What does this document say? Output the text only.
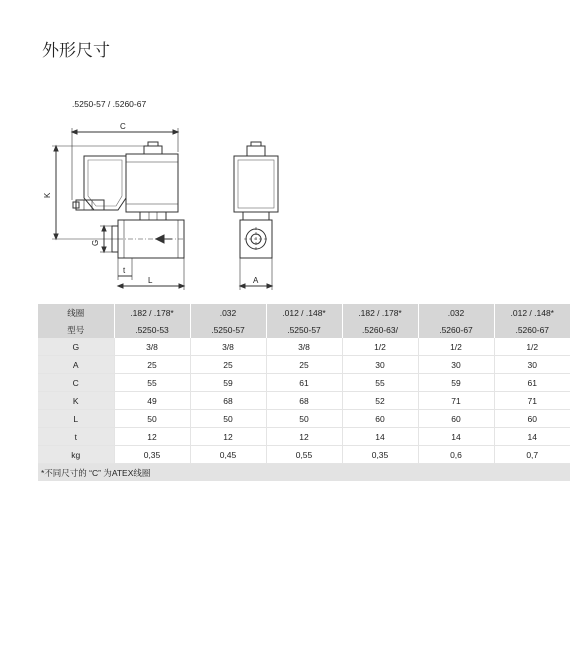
外形尺寸
.5250-57 / .5260-67
C
K
G
t
L	A
线圈	.182 / .178*	.032	.012 / .148*	.182 / .178*	.032	.012 / .148*
型号	.5250-53	.5250-57	.5250-57	.5260-63/	.5260-67	.5260-67
G	3/8	3/8	3/8	1/2	1/2	1/2
A	25	25	25	30	30	30
C	55	59	61	55	59	61
K	49	68	68	52	71	71
L	50	50	50	60	60	60
t	12	12	12	14	14	14
kg	0,35	0,45	0,55	0,35	0,6	0,7
*不同尺寸的 “C” 为ATEX线圈						
